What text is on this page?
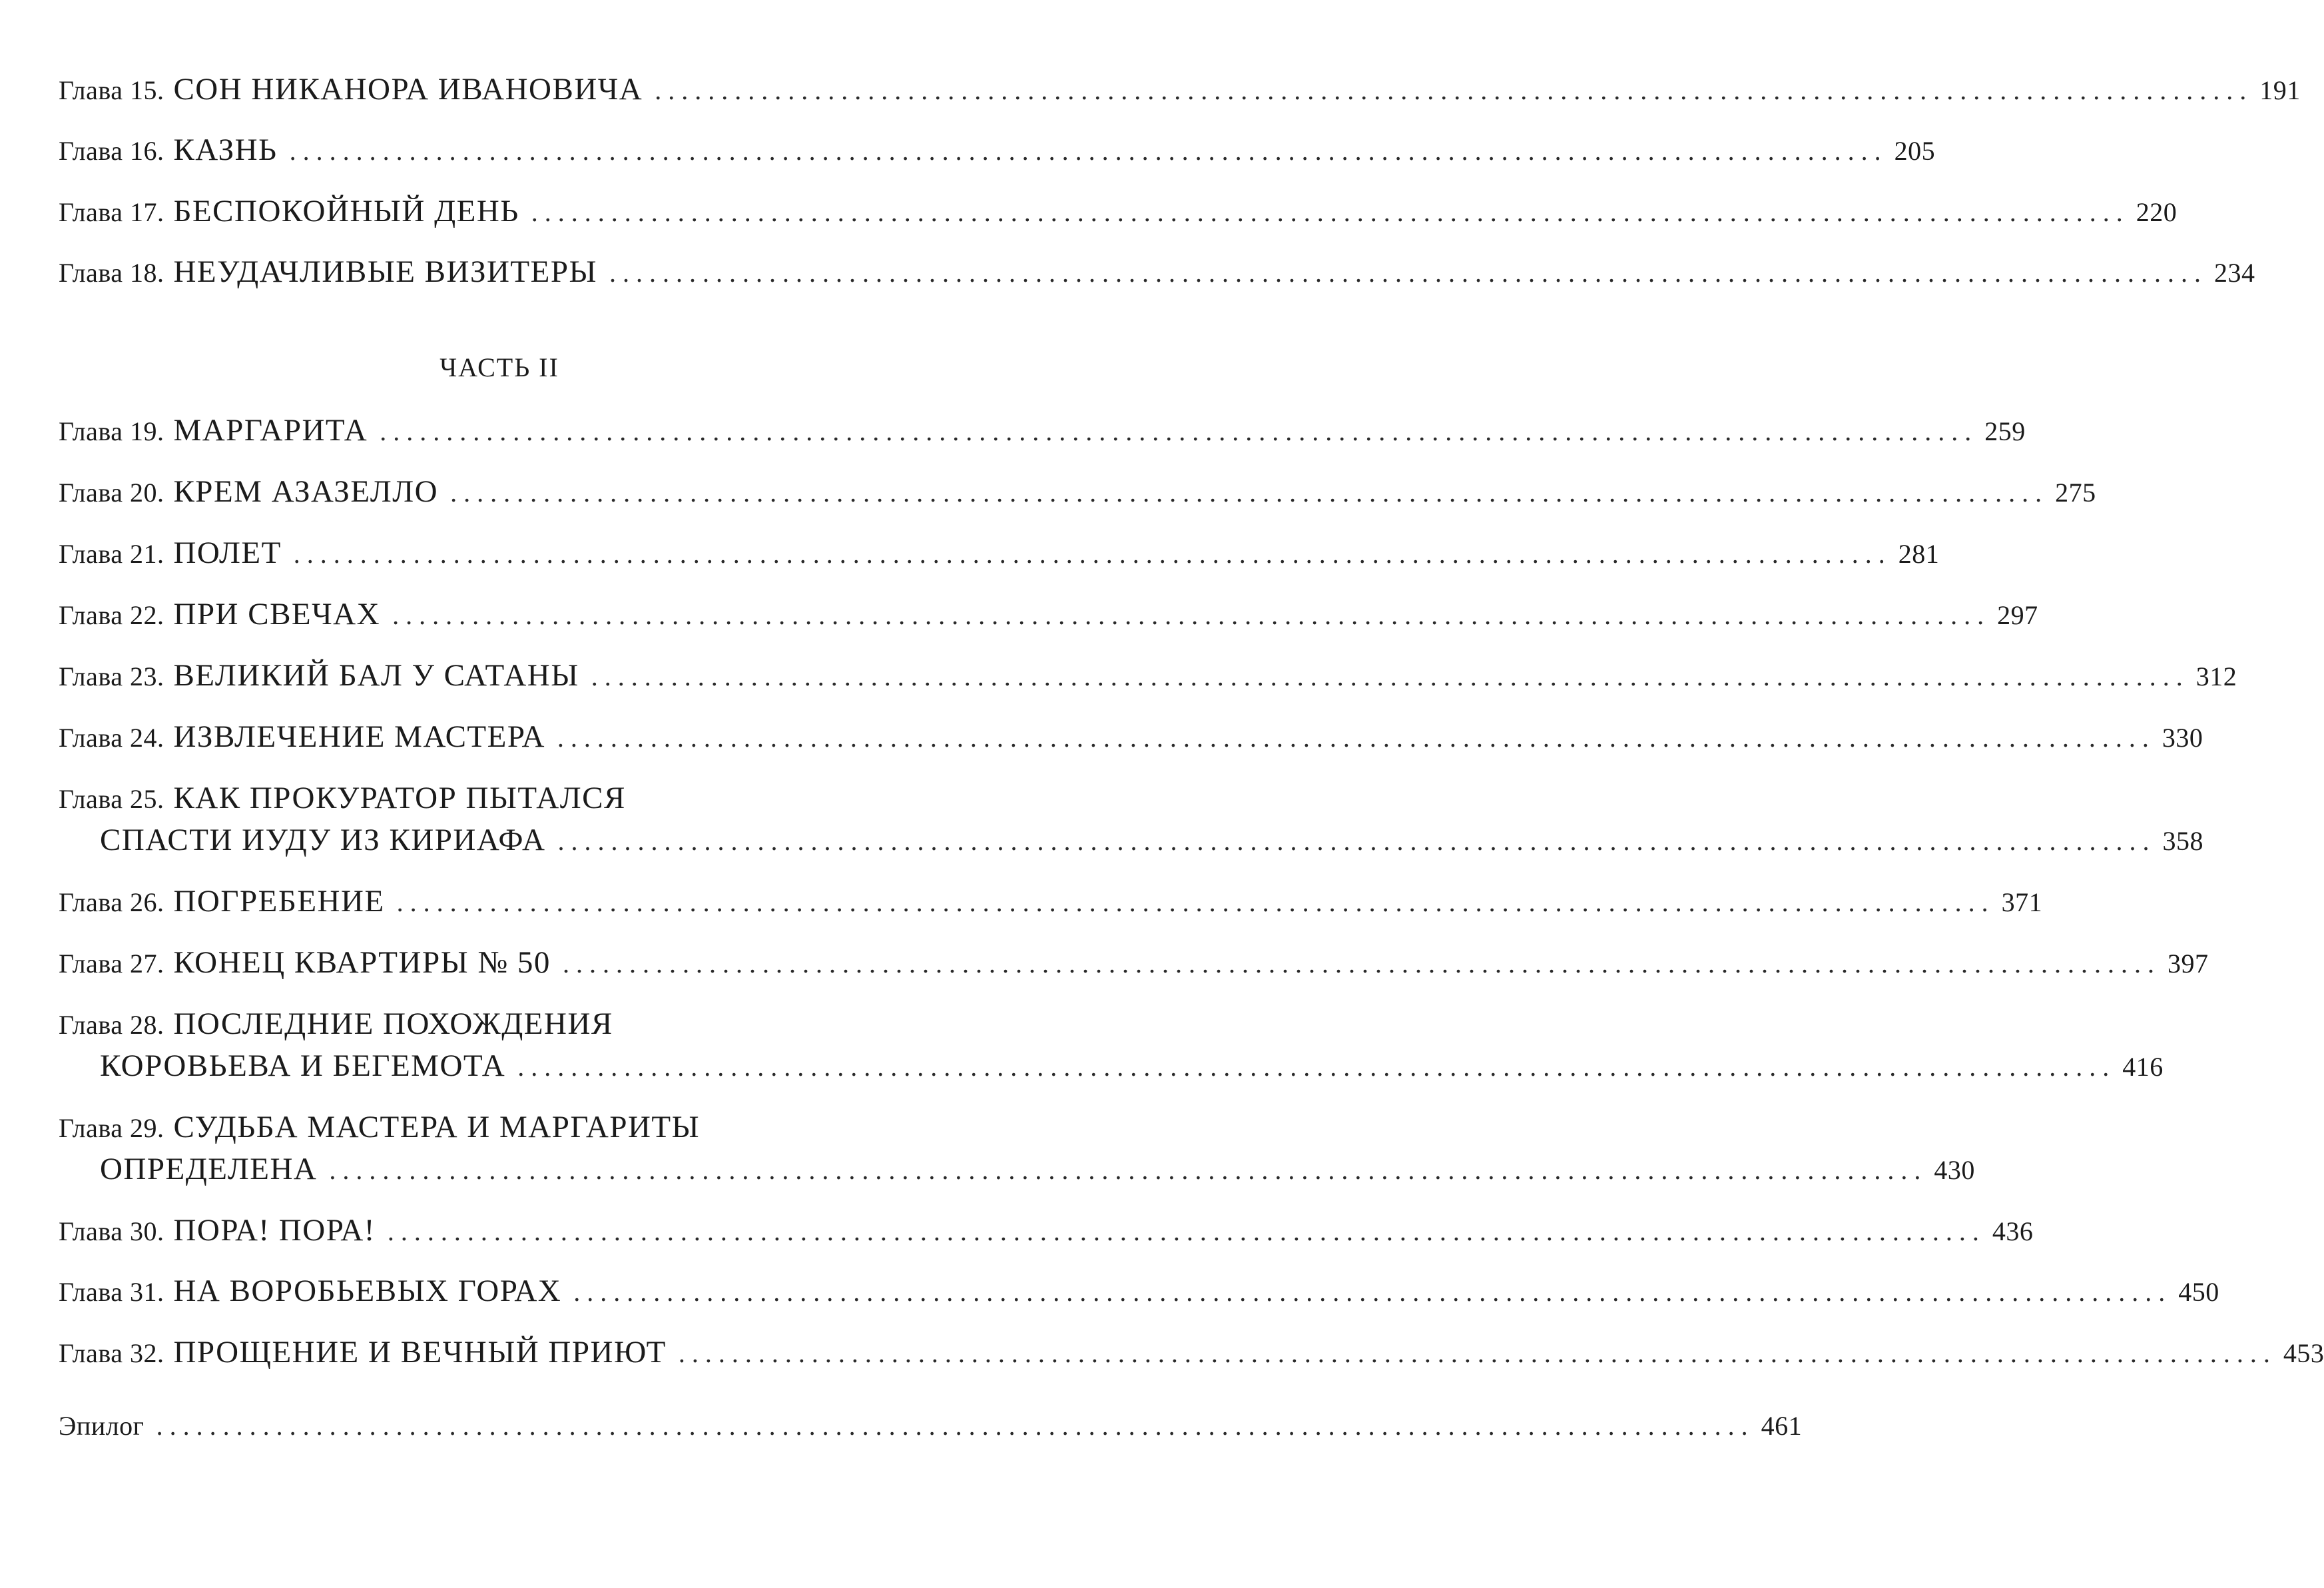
Глава 15. СОН НИКАНОРА ИВАНОВИЧА ........................................................................................................................ 191
Глава 16. КАЗНЬ ........................................................................................................................ 205
Глава 17. БЕСПОКОЙНЫЙ ДЕНЬ ........................................................................................................................ 220
Глава 18. НЕУДАЧЛИВЫЕ ВИЗИТЕРЫ ........................................................................................................................ 234
ЧАСТЬ II
Глава 19. МАРГАРИТА ........................................................................................................................ 259
Глава 20. КРЕМ АЗАЗЕЛЛО ........................................................................................................................ 275
Глава 21. ПОЛЕТ ........................................................................................................................ 281
Глава 22. ПРИ СВЕЧАХ ........................................................................................................................ 297
Глава 23. ВЕЛИКИЙ БАЛ У САТАНЫ ........................................................................................................................ 312
Глава 24. ИЗВЛЕЧЕНИЕ МАСТЕРА ........................................................................................................................ 330
Глава 25. КАК ПРОКУРАТОР ПЫТАЛСЯ
СПАСТИ ИУДУ ИЗ КИРИАФА ........................................................................................................................ 358
Глава 26. ПОГРЕБЕНИЕ ........................................................................................................................ 371
Глава 27. КОНЕЦ КВАРТИРЫ № 50 ........................................................................................................................ 397
Глава 28. ПОСЛЕДНИЕ ПОХОЖДЕНИЯ
КОРОВЬЕВА И БЕГЕМОТА ........................................................................................................................ 416
Глава 29. СУДЬБА МАСТЕРА И МАРГАРИТЫ
ОПРЕДЕЛЕНА ........................................................................................................................ 430
Глава 30. ПОРА! ПОРА! ........................................................................................................................ 436
Глава 31. НА ВОРОБЬЕВЫХ ГОРАХ ........................................................................................................................ 450
Глава 32. ПРОЩЕНИЕ И ВЕЧНЫЙ ПРИЮТ ........................................................................................................................ 453
Эпилог ........................................................................................................................ 461
